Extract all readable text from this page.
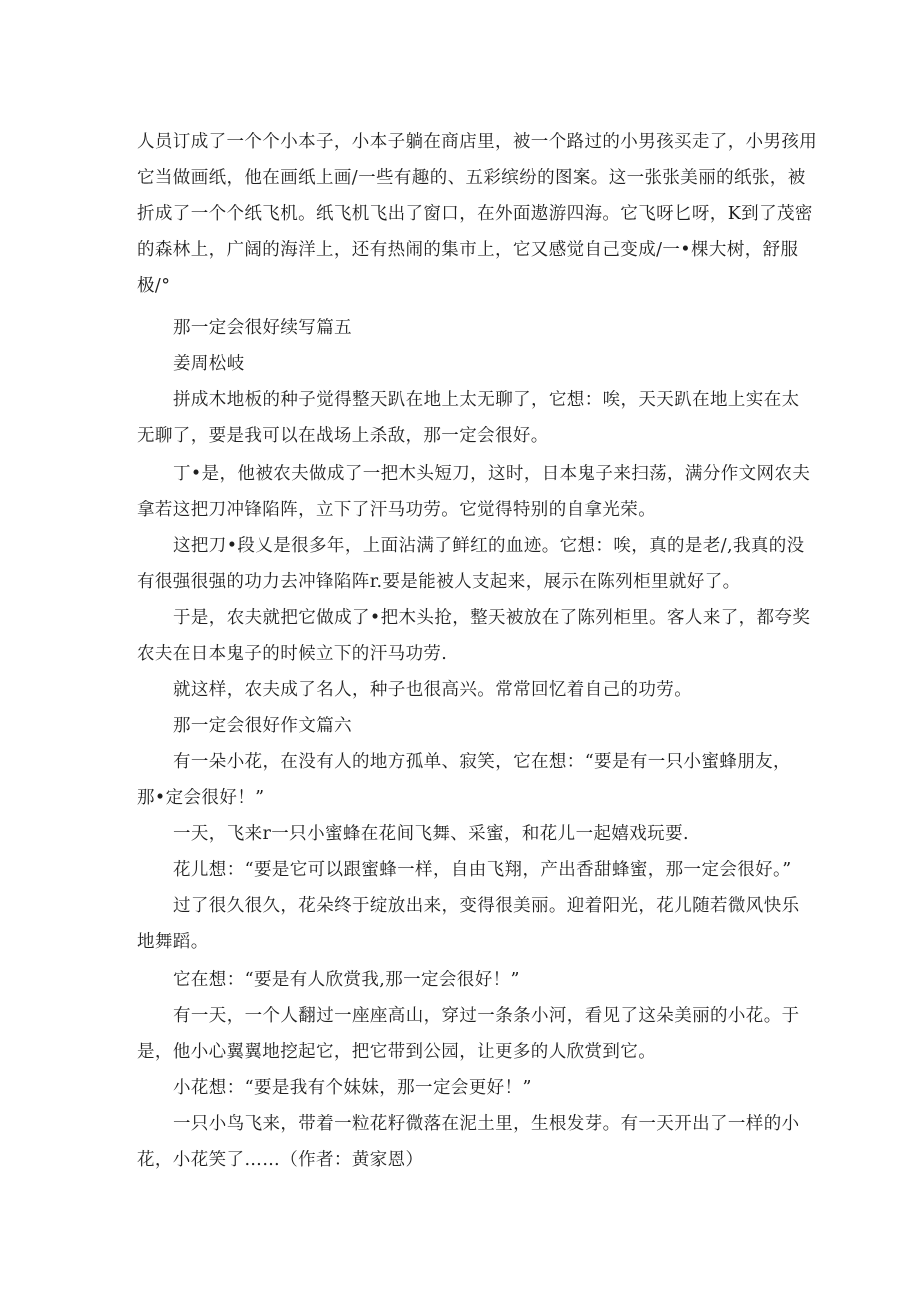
人员订成了一个个小本子，小本子躺在商店里，被一个路过的小男孩买走了，小男孩用
它当做画纸，他在画纸上画/一些有趣的、五彩缤纷的图案。这一张张美丽的纸张，被
折成了一个个纸飞机。纸飞机飞出了窗口，在外面遨游四海。它飞呀匕呀，K到了茂密
的森林上，广阔的海洋上，还有热闹的集市上，它又感觉自己变成/一•棵大树，舒服
极/°
那一定会很好续写篇五
姜周松岐
拼成木地板的种子觉得整天趴在地上太无聊了，它想：唉，天天趴在地上实在太
无聊了，要是我可以在战场上杀敌，那一定会很好。
丁•是，他被农夫做成了一把木头短刀，这时，日本鬼子来扫荡，满分作文网农夫
拿若这把刀冲锋陷阵，立下了汗马功劳。它觉得特别的自拿光荣。
这把刀•段乂是很多年，上面沾满了鲜红的血迹。它想：唉，真的是老/,我真的没
有很强很强的功力去冲锋陷阵r.要是能被人支起来，展示在陈列柜里就好了。
于是，农夫就把它做成了•把木头抢，整天被放在了陈列柜里。客人来了，都夸奖
农夫在日本鬼子的时候立下的汗马功劳.
就这样，农夫成了名人，种子也很高兴。常常回忆着自己的功劳。
那一定会很好作文篇六
有一朵小花，在没有人的地方孤单、寂笑，它在想：“要是有一只小蜜蜂朋友，
那•定会很好！”
一天，飞来r一只小蜜蜂在花间飞舞、采蜜，和花儿一起嬉戏玩要.
花儿想：“要是它可以跟蜜蜂一样，自由飞翔，产出香甜蜂蜜，那一定会很好。”
过了很久很久，花朵终于绽放出来，变得很美丽。迎着阳光，花儿随若微风快乐
地舞蹈。
它在想：“要是有人欣赏我,那一定会很好！”
有一天，一个人翻过一座座高山，穿过一条条小河，看见了这朵美丽的小花。于
是，他小心翼翼地挖起它，把它带到公园，让更多的人欣赏到它。
小花想：“要是我有个妹妹，那一定会更好！”
一只小鸟飞来，带着一粒花籽微落在泥土里，生根发芽。有一天开出了一样的小
花，小花笑了……（作者：黄家恩）
